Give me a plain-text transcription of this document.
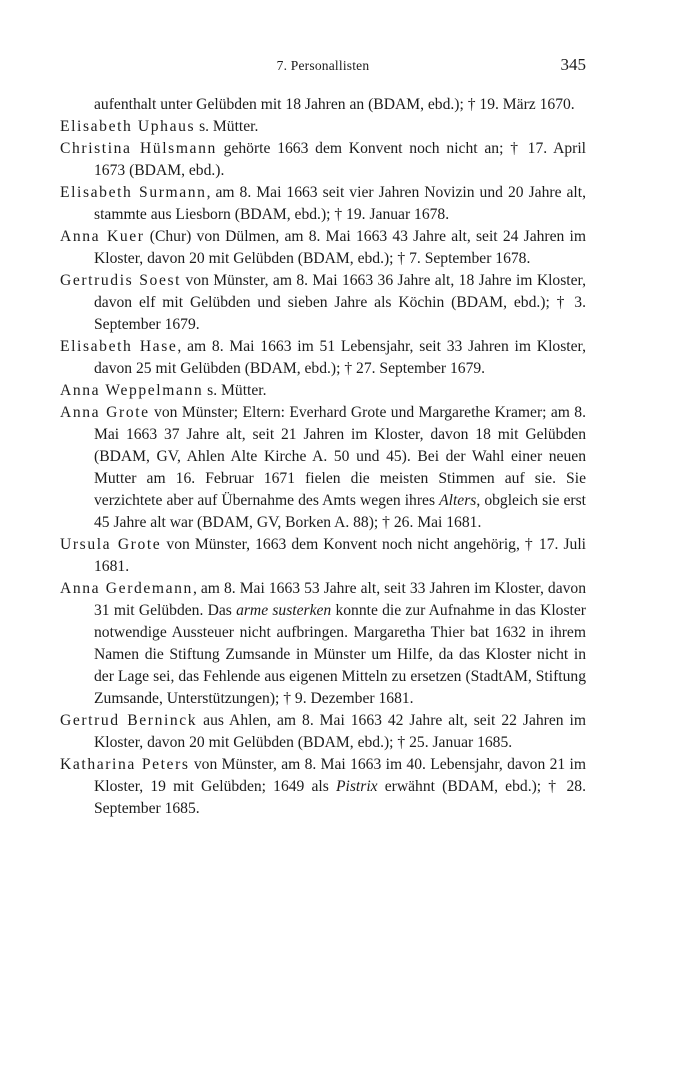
7. Personallisten	345

aufenthalt unter Gelübden mit 18 Jahren an (BDAM, ebd.); † 19. März 1670.

Elisabeth Uphaus s. Mütter.

Christina Hülsmann gehörte 1663 dem Konvent noch nicht an; † 17. April 1673 (BDAM, ebd.).

Elisabeth Surmann, am 8. Mai 1663 seit vier Jahren Novizin und 20 Jahre alt, stammte aus Liesborn (BDAM, ebd.); † 19. Januar 1678.

Anna Kuer (Chur) von Dülmen, am 8. Mai 1663 43 Jahre alt, seit 24 Jahren im Kloster, davon 20 mit Gelübden (BDAM, ebd.); † 7. September 1678.

Gertrudis Soest von Münster, am 8. Mai 1663 36 Jahre alt, 18 Jahre im Kloster, davon elf mit Gelübden und sieben Jahre als Köchin (BDAM, ebd.); † 3. September 1679.

Elisabeth Hase, am 8. Mai 1663 im 51 Lebensjahr, seit 33 Jahren im Kloster, davon 25 mit Gelübden (BDAM, ebd.); † 27. September 1679.

Anna Weppelmann s. Mütter.

Anna Grote von Münster; Eltern: Everhard Grote und Margarethe Kramer; am 8. Mai 1663 37 Jahre alt, seit 21 Jahren im Kloster, davon 18 mit Gelübden (BDAM, GV, Ahlen Alte Kirche A. 50 und 45). Bei der Wahl einer neuen Mutter am 16. Februar 1671 fielen die meisten Stimmen auf sie. Sie verzichtete aber auf Übernahme des Amts wegen ihres Alters, obgleich sie erst 45 Jahre alt war (BDAM, GV, Borken A. 88); † 26. Mai 1681.

Ursula Grote von Münster, 1663 dem Konvent noch nicht angehörig, † 17. Juli 1681.

Anna Gerdemann, am 8. Mai 1663 53 Jahre alt, seit 33 Jahren im Kloster, davon 31 mit Gelübden. Das arme susterken konnte die zur Aufnahme in das Kloster notwendige Aussteuer nicht aufbringen. Margaretha Thier bat 1632 in ihrem Namen die Stiftung Zumsande in Münster um Hilfe, da das Kloster nicht in der Lage sei, das Fehlende aus eigenen Mitteln zu ersetzen (StadtAM, Stiftung Zumsande, Unterstützungen); † 9. Dezember 1681.

Gertrud Berninck aus Ahlen, am 8. Mai 1663 42 Jahre alt, seit 22 Jahren im Kloster, davon 20 mit Gelübden (BDAM, ebd.); † 25. Januar 1685.

Katharina Peters von Münster, am 8. Mai 1663 im 40. Lebensjahr, davon 21 im Kloster, 19 mit Gelübden; 1649 als Pistrix erwähnt (BDAM, ebd.); † 28. September 1685.
